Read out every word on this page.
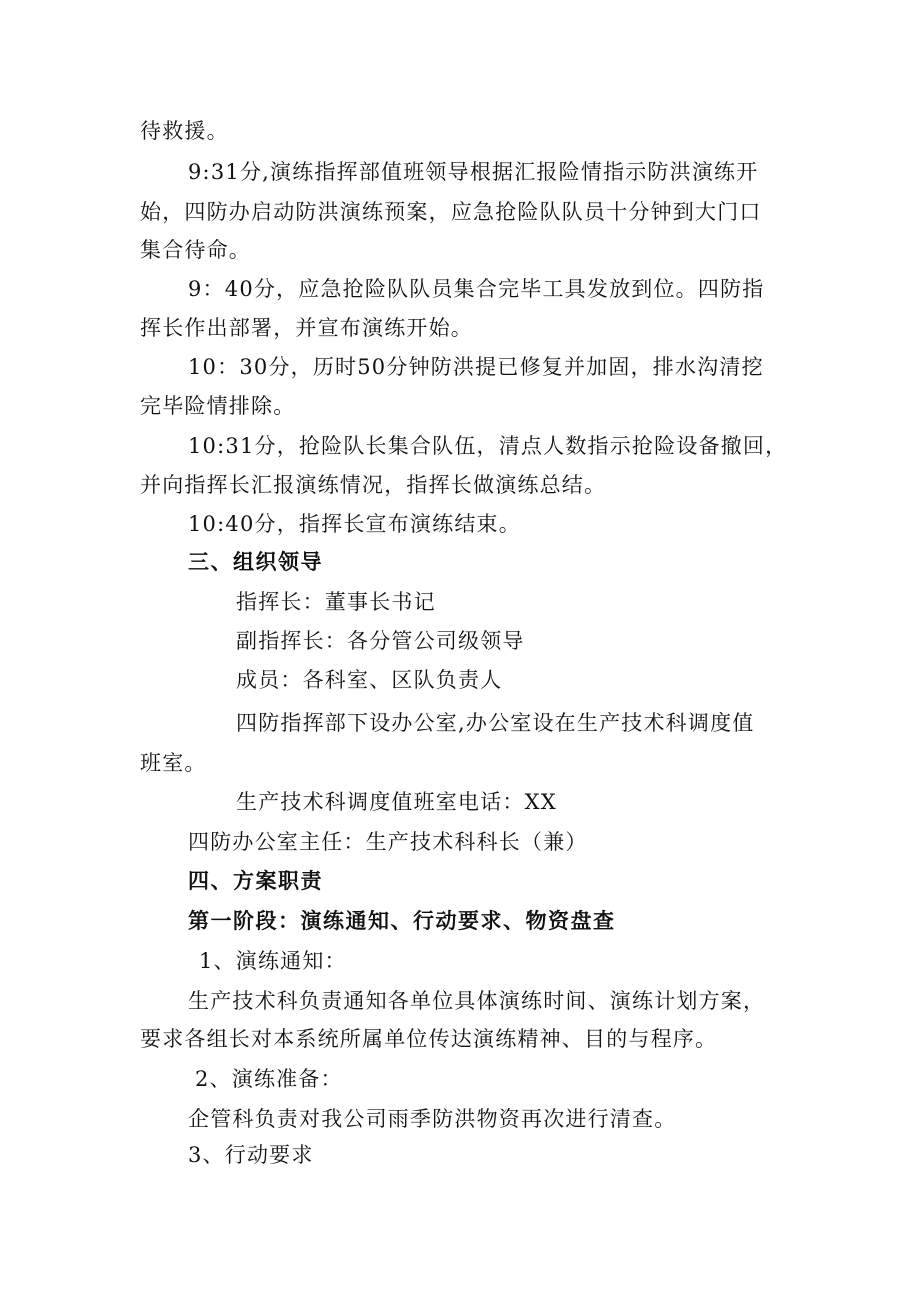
待救援。
9:31分,演练指挥部值班领导根据汇报险情指示防洪演练开
始，四防办启动防洪演练预案，应急抢险队队员十分钟到大门口
集合待命。
9：40分，应急抢险队队员集合完毕工具发放到位。四防指
挥长作出部署，并宣布演练开始。
10：30分，历时50分钟防洪提已修复并加固，排水沟清挖
完毕险情排除。
10:31分，抢险队长集合队伍，清点人数指示抢险设备撤回，
并向指挥长汇报演练情况，指挥长做演练总结。
10:40分，指挥长宣布演练结束。
三、组织领导
指挥长：董事长书记
副指挥长：各分管公司级领导
成员：各科室、区队负责人
四防指挥部下设办公室,办公室设在生产技术科调度值
班室。
生产技术科调度值班室电话：XX
四防办公室主任：生产技术科科长（兼）
四、方案职责
第一阶段：演练通知、行动要求、物资盘查
1、演练通知：
生产技术科负责通知各单位具体演练时间、演练计划方案，
要求各组长对本系统所属单位传达演练精神、目的与程序。
2、演练准备：
企管科负责对我公司雨季防洪物资再次进行清查。
3、行动要求
